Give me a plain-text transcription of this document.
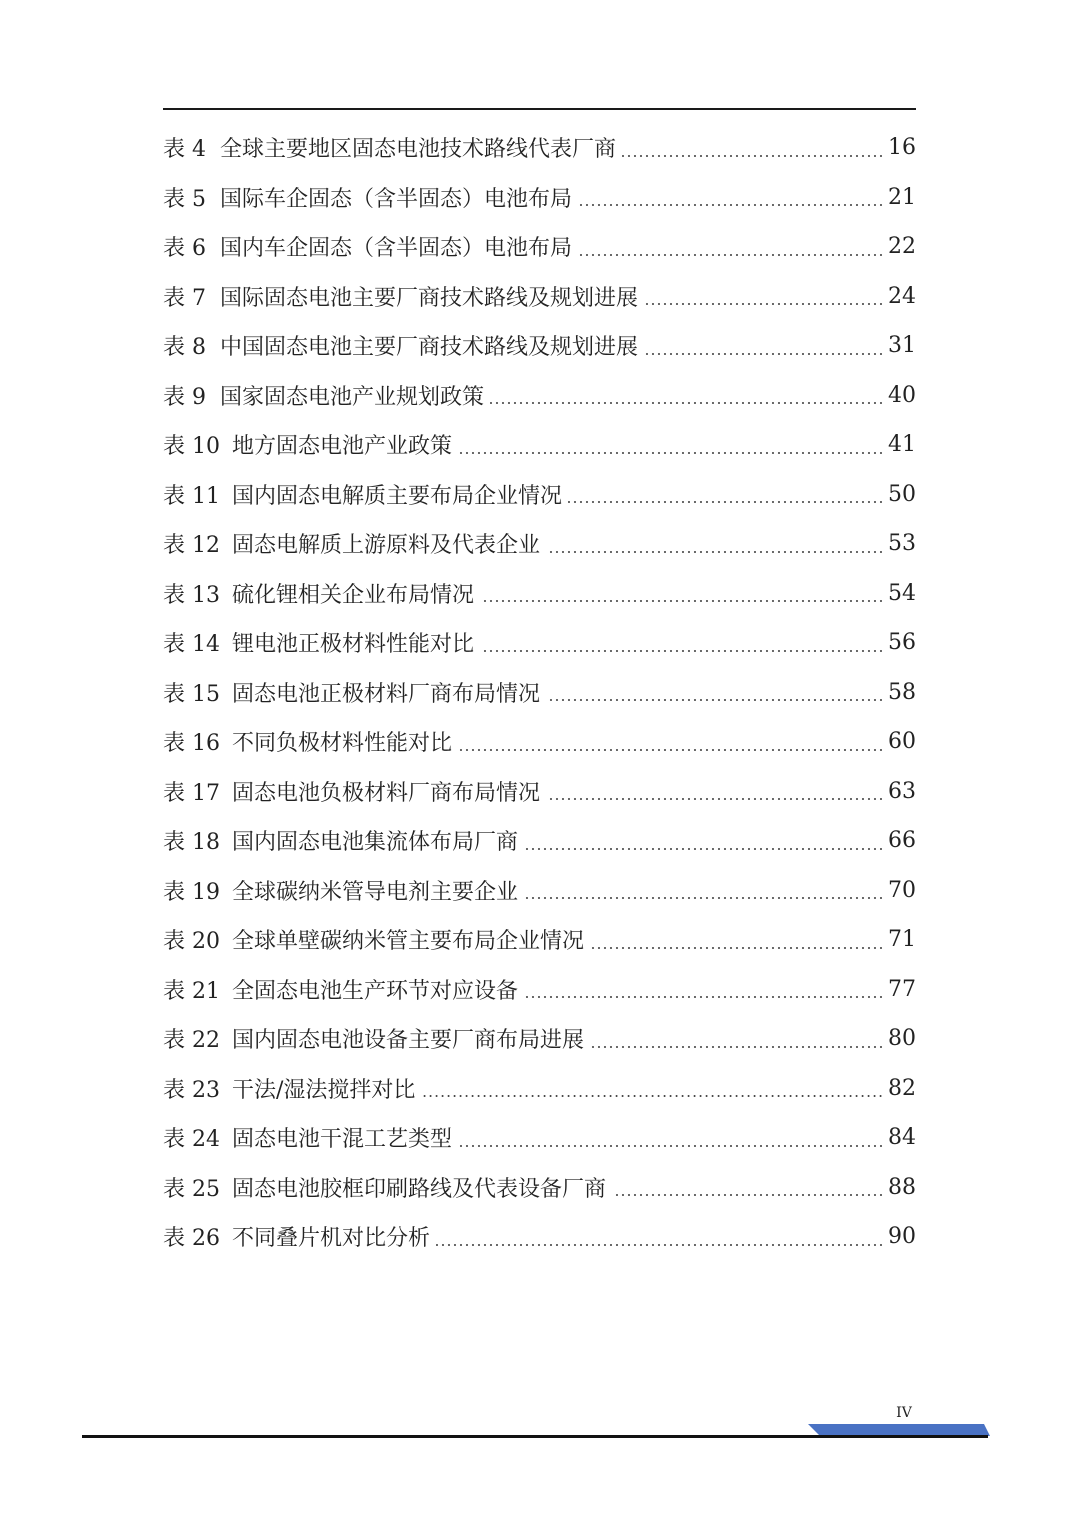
表 4 全球主要地区固态电池技术路线代表厂商	16
表 5 国际车企固态（含半固态）电池布局	21
表 6 国内车企固态（含半固态）电池布局	22
表 7 国际固态电池主要厂商技术路线及规划进展	24
表 8 中国固态电池主要厂商技术路线及规划进展	31
表 9 国家固态电池产业规划政策	40
表 10 地方固态电池产业政策	41
表 11 国内固态电解质主要布局企业情况	50
表 12 固态电解质上游原料及代表企业	53
表 13 硫化锂相关企业布局情况	54
表 14 锂电池正极材料性能对比	56
表 15 固态电池正极材料厂商布局情况	58
表 16 不同负极材料性能对比	60
表 17 固态电池负极材料厂商布局情况	63
表 18 国内固态电池集流体布局厂商	66
表 19 全球碳纳米管导电剂主要企业	70
表 20 全球单壁碳纳米管主要布局企业情况	71
表 21 全固态电池生产环节对应设备	77
表 22 国内固态电池设备主要厂商布局进展	80
表 23 干法/湿法搅拌对比	82
表 24 固态电池干混工艺类型	84
表 25 固态电池胶框印刷路线及代表设备厂商	88
表 26 不同叠片机对比分析	90
IV
